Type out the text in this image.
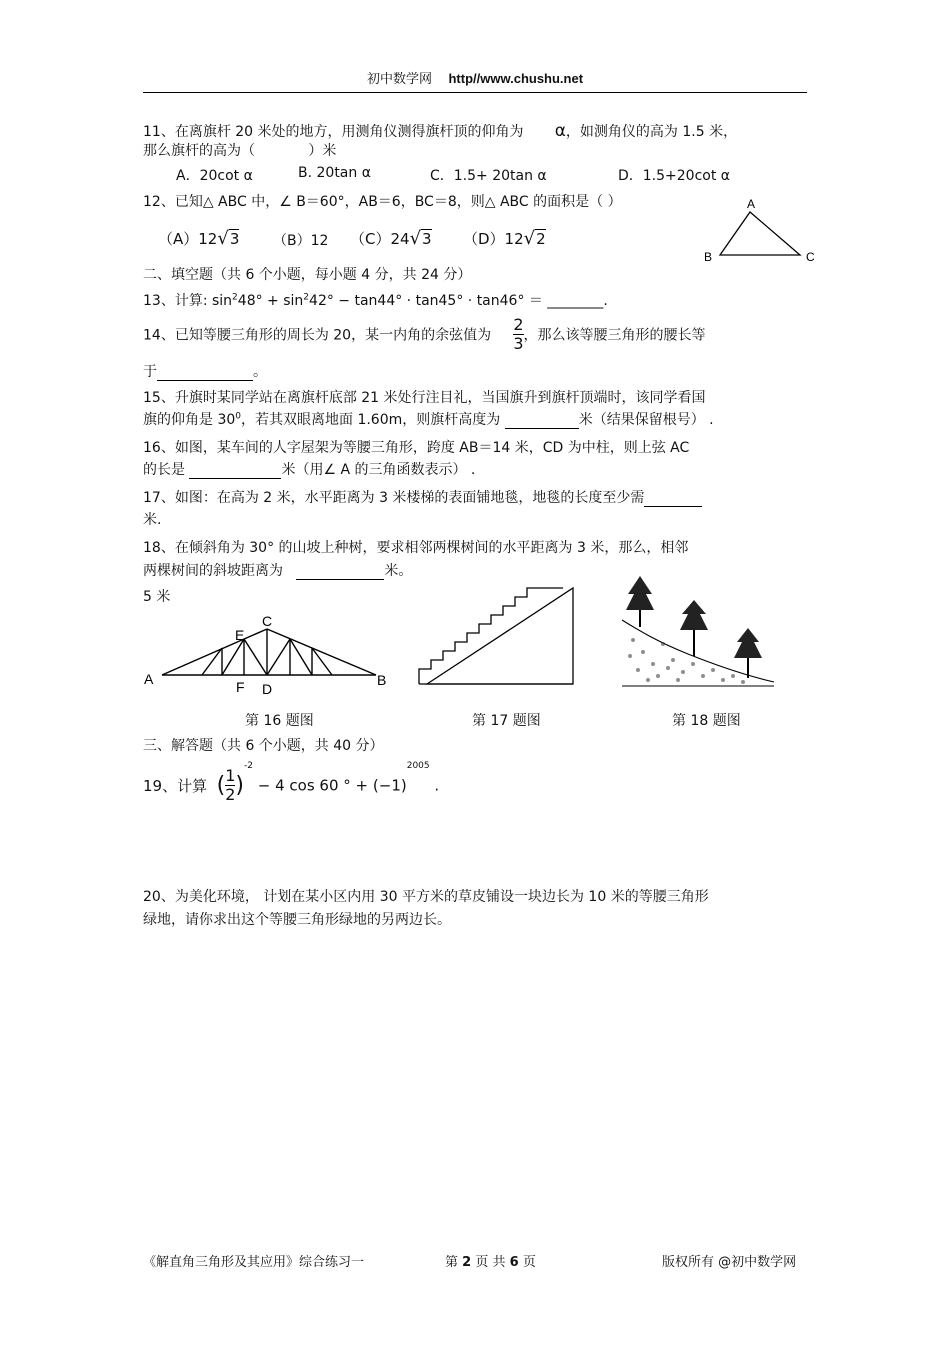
初中数学网 http//www.chushu.net
11、在离旗杆 20 米处的地方，用测角仪测得旗杆顶的仰角为 α，如测角仪的高为 1.5 米，
那么旗杆的高为（	）米
A．20cot α	B. 20tan α	C．1.5+ 20tan α	D．1.5+20cot α
12、已知△ ABC 中，∠ B＝60°，AB＝6，BC＝8，则△ ABC 的面积是（ ）
（A）12√3 （B）12 （C）24√3 （D）12√2
A
B	C
二、填空题（共 6 个小题，每小题 4 分，共 24 分）
13、计算: $\sin^248^\circ + \sin^242^\circ - \tan 44^\circ \cdot \tan 45^\circ \cdot \tan 46^\circ$ ＝ ________.
14、已知等腰三角形的周长为 20，某一内角的余弦值为 $\frac{2}{3}$ ，那么该等腰三角形的腰长等
于	。
15、升旗时某同学站在离旗杆底部 21 米处行注目礼，当国旗升到旗杆顶端时，该同学看国
旗的仰角是 $30^0$，若其双眼离地面 1.60m，则旗杆高度为	米（结果保留根号） .
16、如图，某车间的人字屋架为等腰三角形，跨度 AB＝14 米，CD 为中柱，则上弦 AC
的长是	米（用∠ A 的三角函数表示） .
17、如图：在高为 2 米，水平距离为 3 米楼梯的表面铺地毯，地毯的长度至少需
米.
18、在倾斜角为 30° 的山坡上种树，要求相邻两棵树间的水平距离为 3 米，那么，相邻
两棵树间的斜坡距离为	米。
5 米
A	B
C
E
F D
第 16 题图	第 17 题图	第 18 题图
三、解答题（共 6 个小题，共 40 分）
19、计算 ( $\frac{1}{2} )^{-2} - 4$ cos 60 ° + $(-1)^{2005}$ .
20、为美化环境， 计划在某小区内用 30 平方米的草皮铺设一块边长为 10 米的等腰三角形
绿地，请你求出这个等腰三角形绿地的另两边长。
《解直角三角形及其应用》综合练习一	第 2 页 共 6 页	版权所有 @初中数学网
